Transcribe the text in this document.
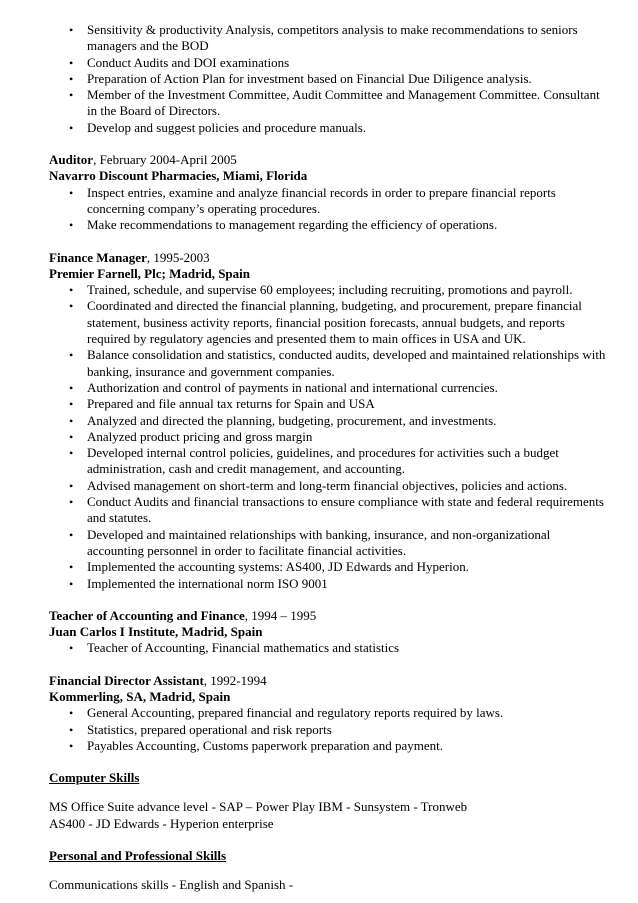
• Sensitivity & productivity Analysis, competitors analysis to make recommendations to seniors managers and the BOD
• Conduct Audits and DOI examinations
• Preparation of Action Plan for investment based on Financial Due Diligence analysis.
• Member of the Investment Committee, Audit Committee and Management Committee. Consultant in the Board of Directors.
• Develop and suggest policies and procedure manuals.
Auditor, February 2004-April 2005
Navarro Discount Pharmacies, Miami, Florida
• Inspect entries, examine and analyze financial records in order to prepare financial reports concerning company’s operating procedures.
• Make recommendations to management regarding the efficiency of operations.
Finance Manager, 1995-2003
Premier Farnell, Plc; Madrid, Spain
• Trained, schedule, and supervise 60 employees; including recruiting, promotions and payroll.
• Coordinated and directed the financial planning, budgeting, and procurement, prepare financial statement, business activity reports, financial position forecasts, annual budgets, and reports required by regulatory agencies and presented them to main offices in USA and UK.
• Balance consolidation and statistics, conducted audits, developed and maintained relationships with banking, insurance and government companies.
• Authorization and control of payments in national and international currencies.
• Prepared and file annual tax returns for Spain and USA
• Analyzed and directed the planning, budgeting, procurement, and investments.
• Analyzed product pricing and gross margin
• Developed internal control policies, guidelines, and procedures for activities such a budget administration, cash and credit management, and accounting.
• Advised management on short-term and long-term financial objectives, policies and actions.
• Conduct Audits and financial transactions to ensure compliance with state and federal requirements and statutes.
• Developed and maintained relationships with banking, insurance, and non-organizational accounting personnel in order to facilitate financial activities.
• Implemented the accounting systems: AS400, JD Edwards and Hyperion.
• Implemented the international norm ISO 9001
Teacher of Accounting and Finance, 1994 – 1995
Juan Carlos I Institute, Madrid, Spain
• Teacher of Accounting, Financial mathematics and statistics
Financial Director Assistant, 1992-1994
Kommerling, SA, Madrid, Spain
• General Accounting, prepared financial and regulatory reports required by laws.
• Statistics, prepared operational and risk reports
• Payables Accounting, Customs paperwork preparation and payment.
Computer Skills

MS Office Suite advance level - SAP – Power Play IBM - Sunsystem - Tronweb

AS400 - JD Edwards - Hyperion enterprise

Personal and Professional Skills

Communications skills - English and Spanish -
